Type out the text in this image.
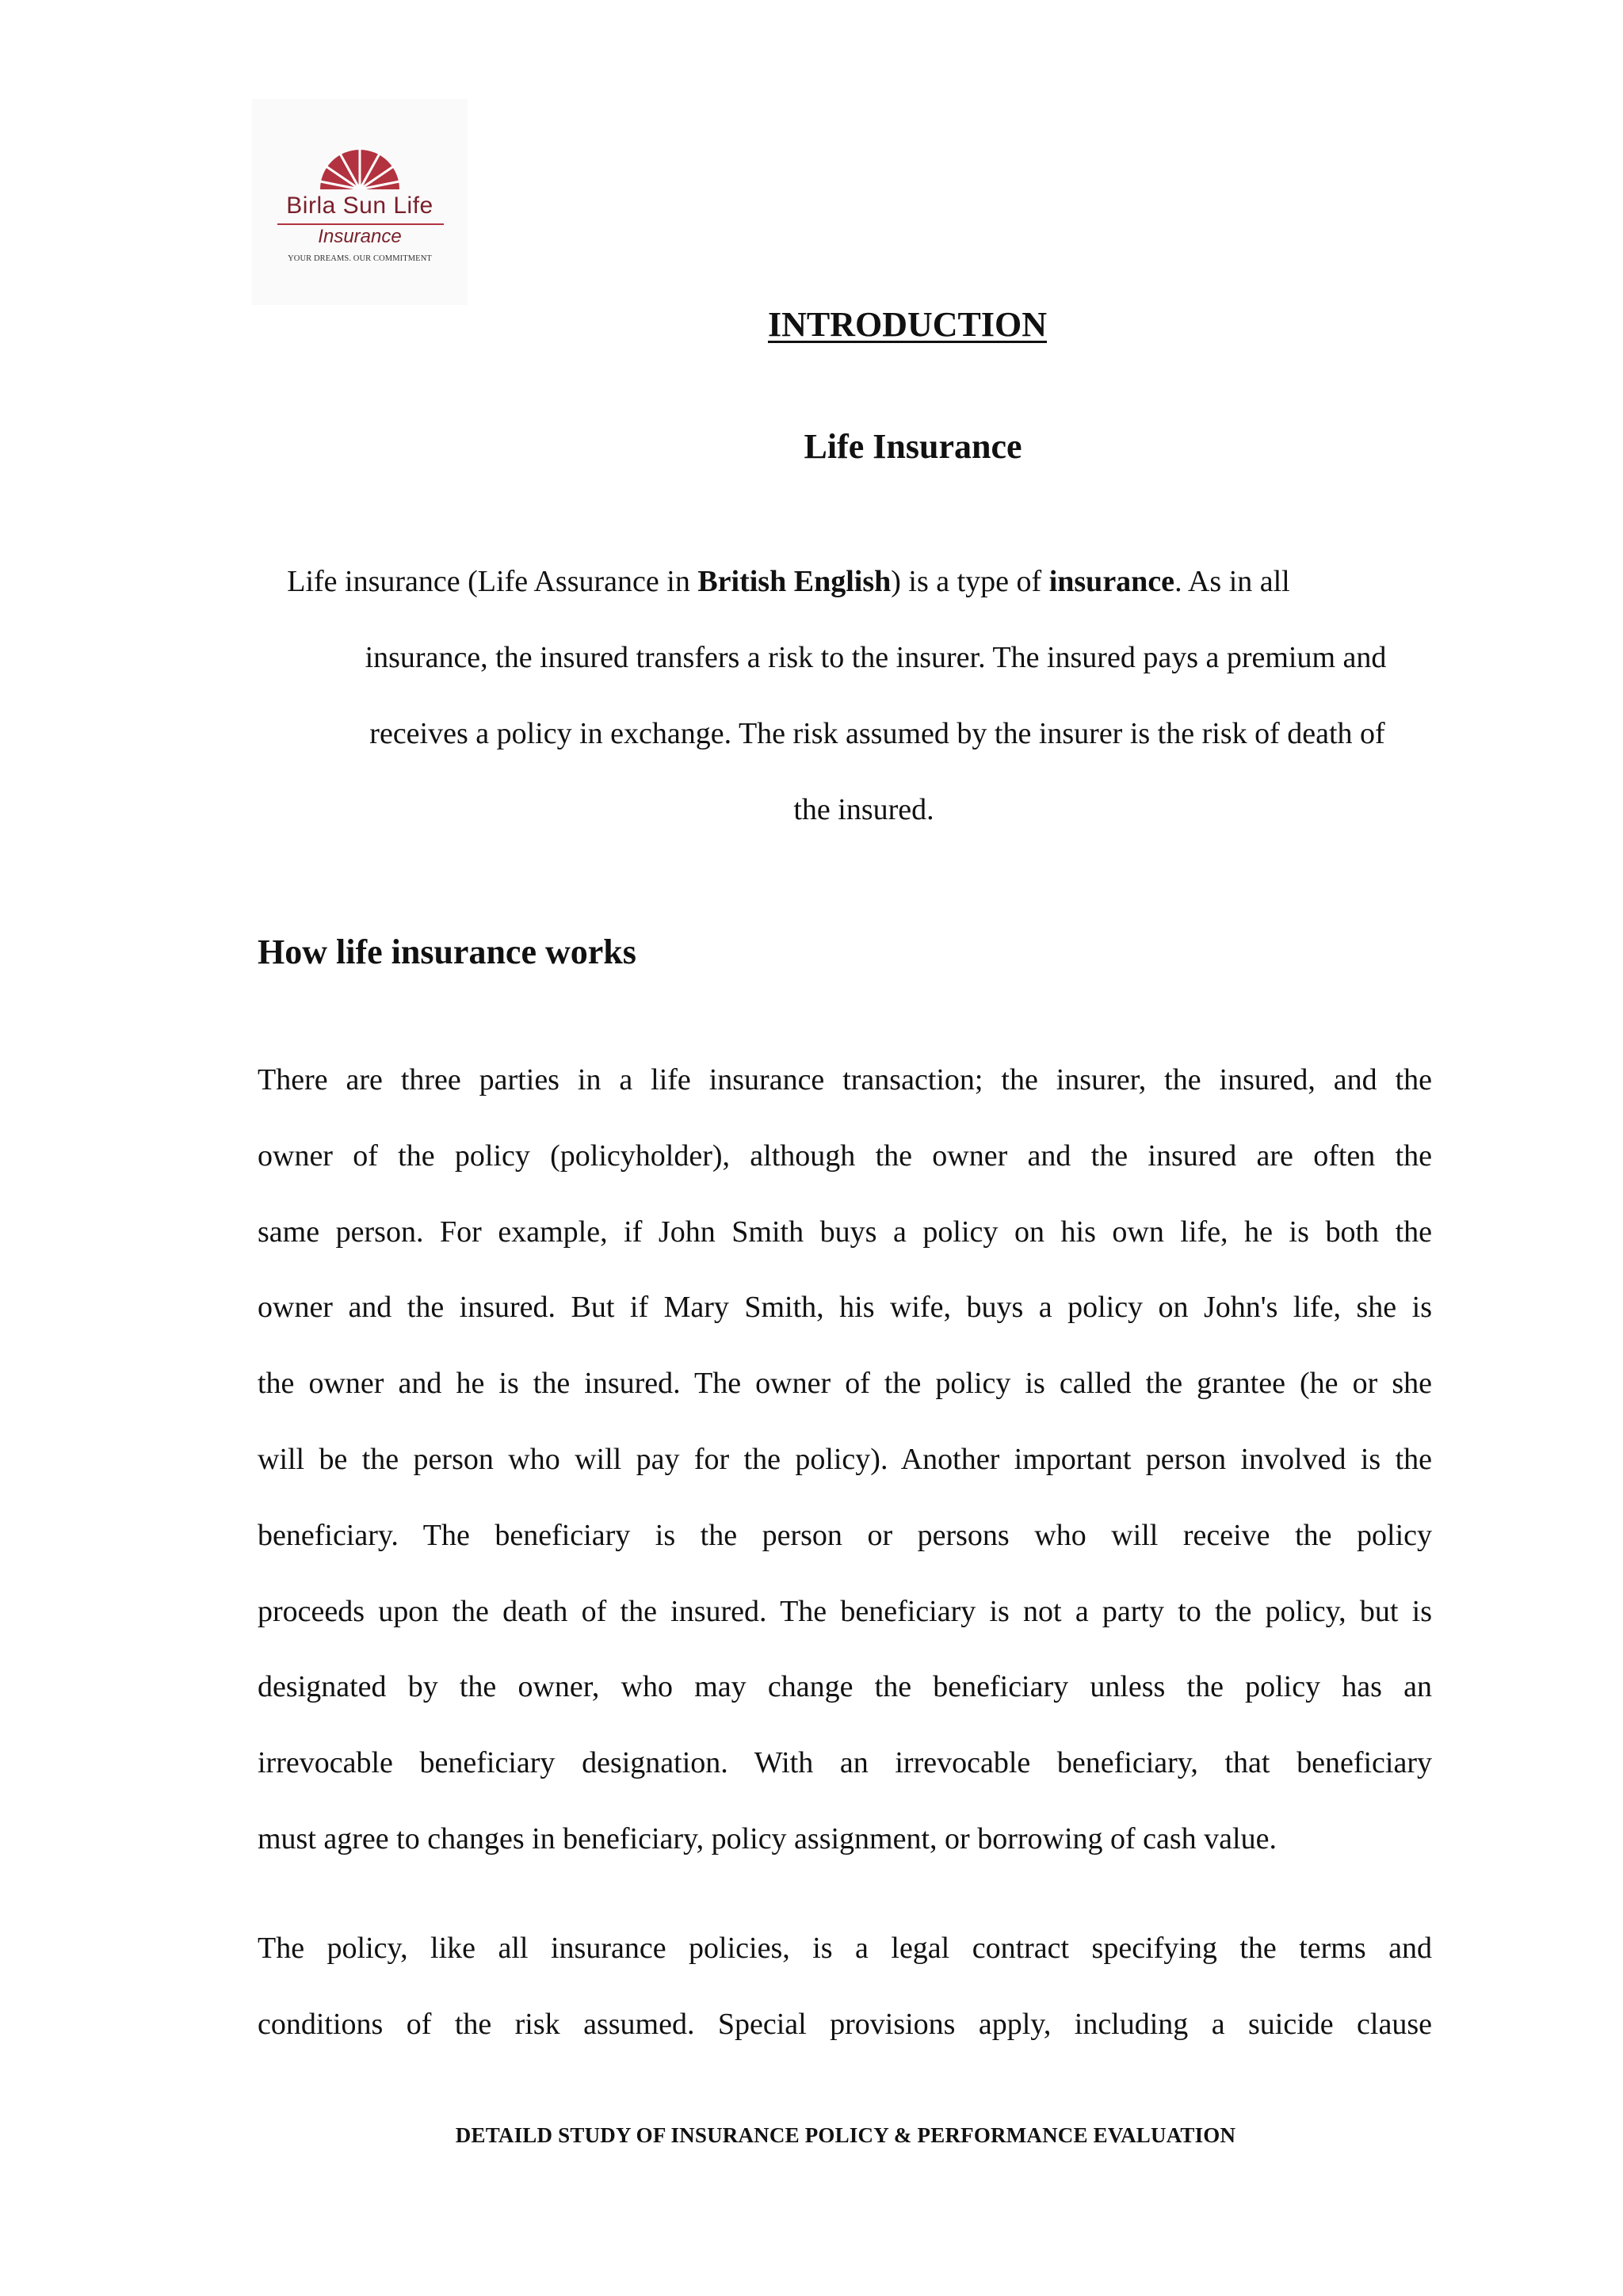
Birla Sun Life
Insurance
YOUR DREAMS. OUR COMMITMENT
INTRODUCTION
Life Insurance
Life insurance (Life Assurance in British English) is a type of insurance. As in all
insurance, the insured transfers a risk to the insurer. The insured pays a premium and
receives a policy in exchange. The risk assumed by the insurer is the risk of death of
the insured.
How life insurance works
There are three parties in a life insurance transaction; the insurer, the insured, and the
owner of the policy (policyholder), although the owner and the insured are often the
same person. For example, if John Smith buys a policy on his own life, he is both the
owner and the insured. But if Mary Smith, his wife, buys a policy on John's life, she is
the owner and he is the insured. The owner of the policy is called the grantee (he or she
will be the person who will pay for the policy). Another important person involved is the
beneficiary. The beneficiary is the person or persons who will receive the policy
proceeds upon the death of the insured. The beneficiary is not a party to the policy, but is
designated by the owner, who may change the beneficiary unless the policy has an
irrevocable beneficiary designation. With an irrevocable beneficiary, that beneficiary
must agree to changes in beneficiary, policy assignment, or borrowing of cash value.
The policy, like all insurance policies, is a legal contract specifying the terms and
conditions of the risk assumed. Special provisions apply, including a suicide clause
DETAILD STUDY OF INSURANCE POLICY & PERFORMANCE EVALUATION
